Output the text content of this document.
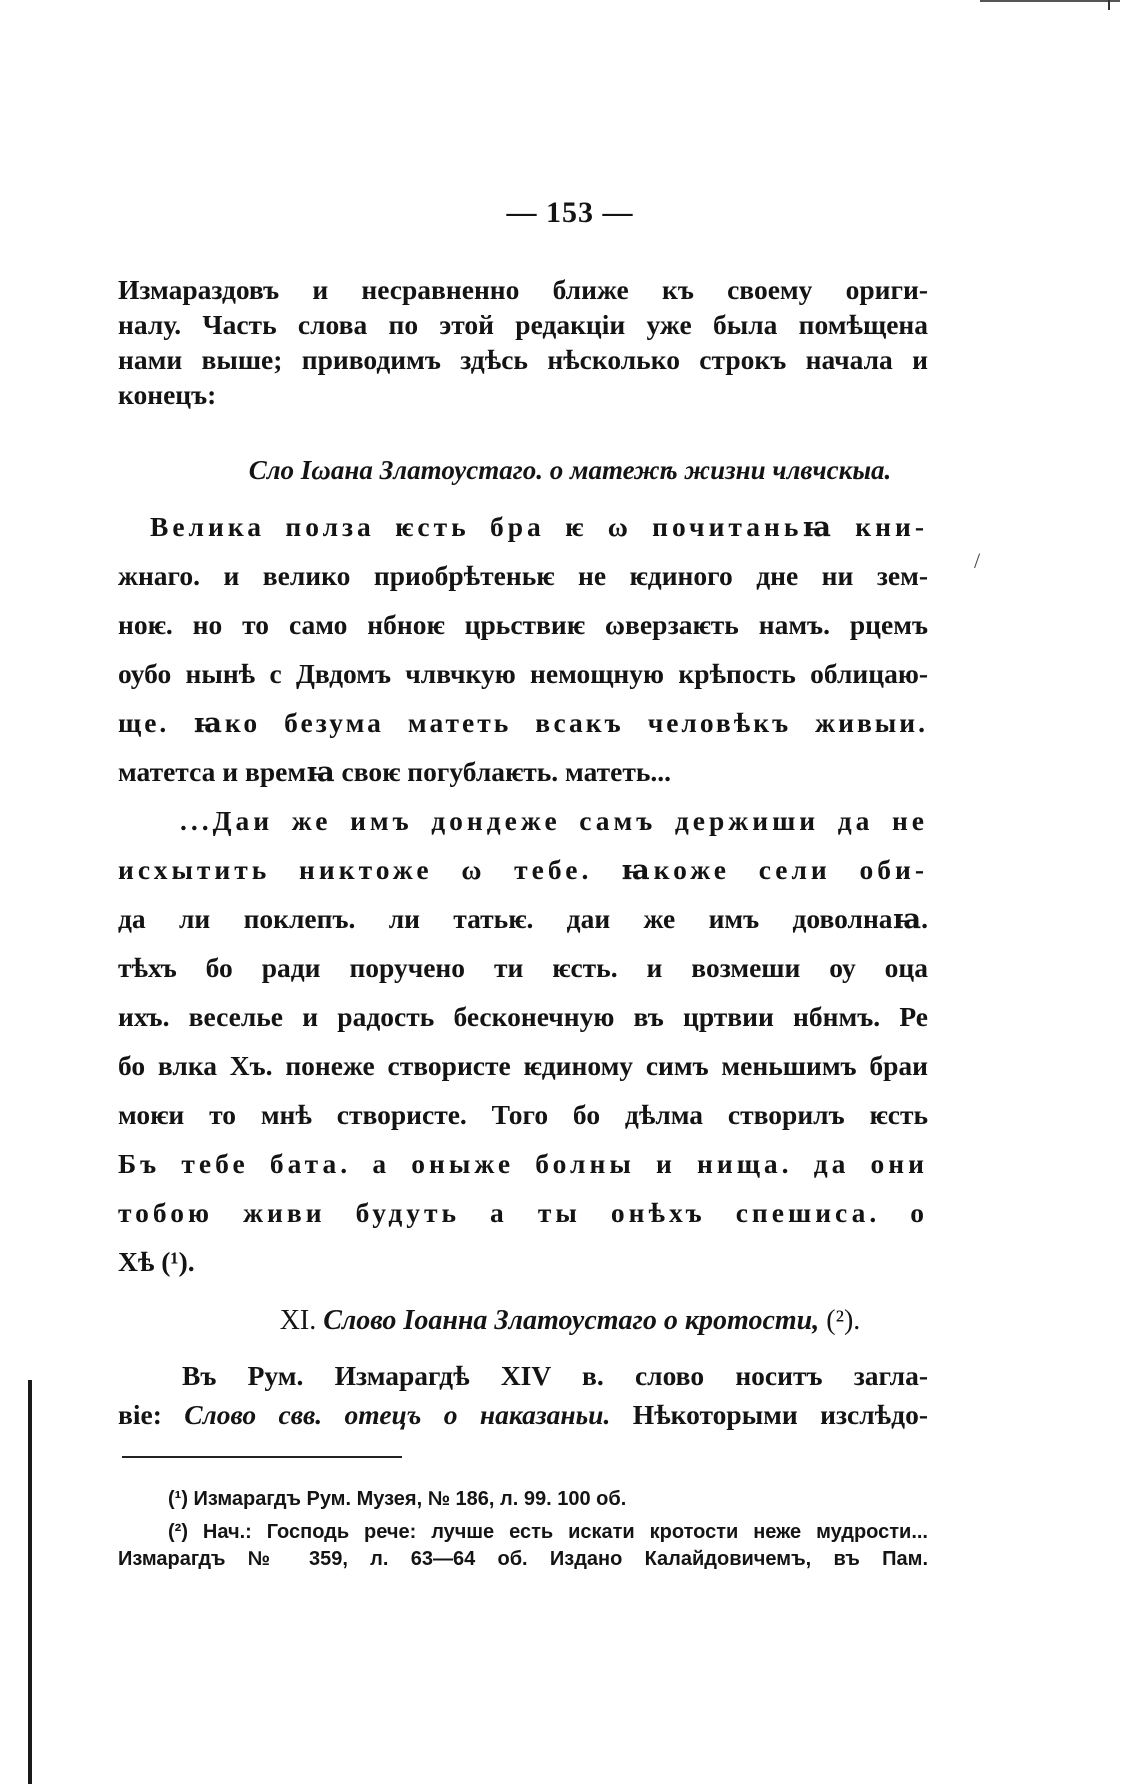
/
— 153 —
Измараздовъ и несравненно ближе къ своему ориги-
налу. Часть слова по этой редакціи уже была помѣщена
нами выше; приводимъ здѣсь нѣсколько строкъ начала и
конецъ:
Сло Іωана Златоустаго. о матежѣ жизни члвчскыа.
Велика полза ѥсть бра ѥ ω почитаньꙗ кни-
жнаго. и велико приобрѣтеньѥ не ѥдиного дне ни зем-
ноѥ. но то само нбноѥ црьствиѥ ωверзаѥть намъ. рцемъ
оубо нынѣ с Двдомъ члвчкую немощную крѣпость облицаю-
ще. ꙗко безума матеть всакъ человѣкъ живыи.
матетса и времꙗ своѥ погублаѥть. матеть...
...Даи же имъ дондеже самъ держиши да не
исхытить никтоже ω тебе. ꙗкоже сели оби-
да ли поклепъ. ли татьѥ. даи же имъ доволнаꙗ.
тѣхъ бо ради поручено ти ѥсть. и возмеши оу оца
ихъ. веселье и радость бесконечную въ цртвии нбнмъ. Ре
бо влка Хъ. понеже створисте ѥдиному симъ меньшимъ браи
моѥи то мнѣ створисте. Того бо дѣлма створилъ ѥсть
Бъ тебе бата. а оныже болны и нища. да они
тобою живи будуть а ты онѣхъ спешиса. о
Хѣ (¹).
XI. Слово Іоанна Златоустаго о кротости, (²).
Въ Рум. Измарагдѣ XIV в. слово носитъ загла-
віе: Слово свв. отецъ о наказаньи. Нѣкоторыми изслѣдо-
(¹) Измарагдъ Рум. Музея, № 186, л. 99. 100 об.
(²) Нач.: Господь рече: лучше есть искати кротости неже мудрости...
Измарагдъ № 359, л. 63—64 об. Издано Калайдовичемъ, въ Пам.
